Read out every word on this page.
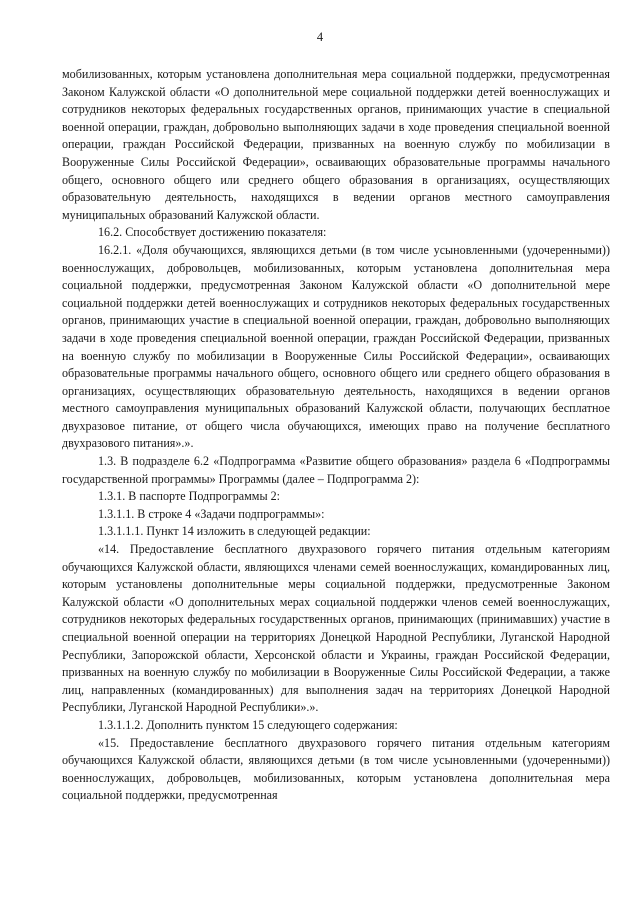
4

мобилизованных, которым установлена дополнительная мера социальной поддержки, предусмотренная Законом Калужской области «О дополнительной мере социальной поддержки детей военнослужащих и сотрудников некоторых федеральных государственных органов, принимающих участие в специальной военной операции, граждан, добровольно выполняющих задачи в ходе проведения специальной военной операции, граждан Российской Федерации, призванных на военную службу по мобилизации в Вооруженные Силы Российской Федерации», осваивающих образовательные программы начального общего, основного общего или среднего общего образования в организациях, осуществляющих образовательную деятельность, находящихся в ведении органов местного самоуправления муниципальных образований Калужской области.

16.2. Способствует достижению показателя:

16.2.1. «Доля обучающихся, являющихся детьми (в том числе усыновленными (удочеренными)) военнослужащих, добровольцев, мобилизованных, которым установлена дополнительная мера социальной поддержки, предусмотренная Законом Калужской области «О дополнительной мере социальной поддержки детей военнослужащих и сотрудников некоторых федеральных государственных органов, принимающих участие в специальной военной операции, граждан, добровольно выполняющих задачи в ходе проведения специальной военной операции, граждан Российской Федерации, призванных на военную службу по мобилизации в Вооруженные Силы Российской Федерации», осваивающих образовательные программы начального общего, основного общего или среднего общего образования в организациях, осуществляющих образовательную деятельность, находящихся в ведении органов местного самоуправления муниципальных образований Калужской области, получающих бесплатное двухразовое питание, от общего числа обучающихся, имеющих право на получение бесплатного двухразового питания».».

1.3. В подразделе 6.2 «Подпрограмма «Развитие общего образования» раздела 6 «Подпрограммы государственной программы» Программы (далее – Подпрограмма 2):

1.3.1. В паспорте Подпрограммы 2:

1.3.1.1. В строке 4 «Задачи подпрограммы»:

1.3.1.1.1. Пункт 14 изложить в следующей редакции:

«14. Предоставление бесплатного двухразового горячего питания отдельным категориям обучающихся Калужской области, являющихся членами семей военнослужащих, командированных лиц, которым установлены дополнительные меры социальной поддержки, предусмотренные Законом Калужской области «О дополнительных мерах социальной поддержки членов семей военнослужащих, сотрудников некоторых федеральных государственных органов, принимающих (принимавших) участие в специальной военной операции на территориях Донецкой Народной Республики, Луганской Народной Республики, Запорожской области, Херсонской области и Украины, граждан Российской Федерации, призванных на военную службу по мобилизации в Вооруженные Силы Российской Федерации, а также лиц, направленных (командированных) для выполнения задач на территориях Донецкой Народной Республики, Луганской Народной Республики».».

1.3.1.1.2. Дополнить пунктом 15 следующего содержания:

«15. Предоставление бесплатного двухразового горячего питания отдельным категориям обучающихся Калужской области, являющихся детьми (в том числе усыновленными (удочеренными)) военнослужащих, добровольцев, мобилизованных, которым установлена дополнительная мера социальной поддержки, предусмотренная
